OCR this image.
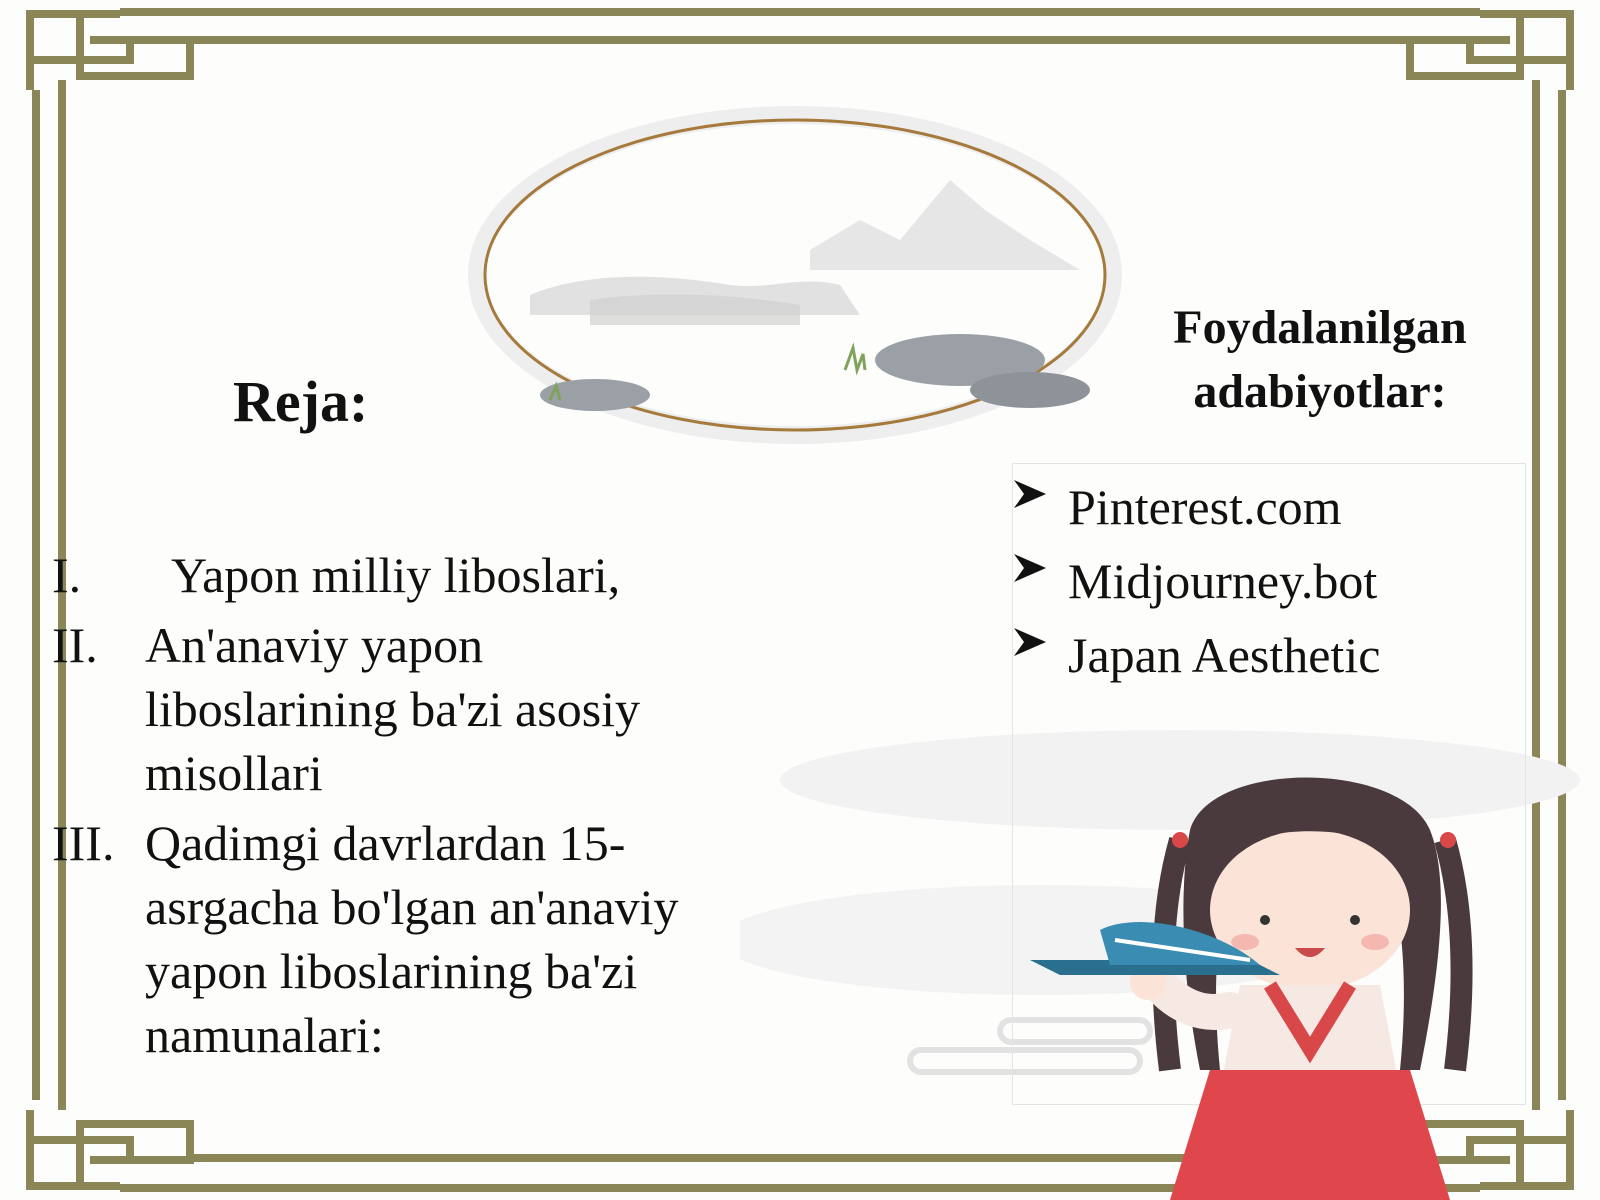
Reja:
Foydalanilgan
adabiyotlar:
I.	Yapon milliy liboslari,
II. An'anaviy yapon
liboslarining ba'zi asosiy
misollari
III. Qadimgi davrlardan 15-
asrgacha bo'lgan an'anaviy
yapon liboslarining ba'zi
namunalari:
Pinterest.com
Midjourney.bot
Japan Aesthetic
